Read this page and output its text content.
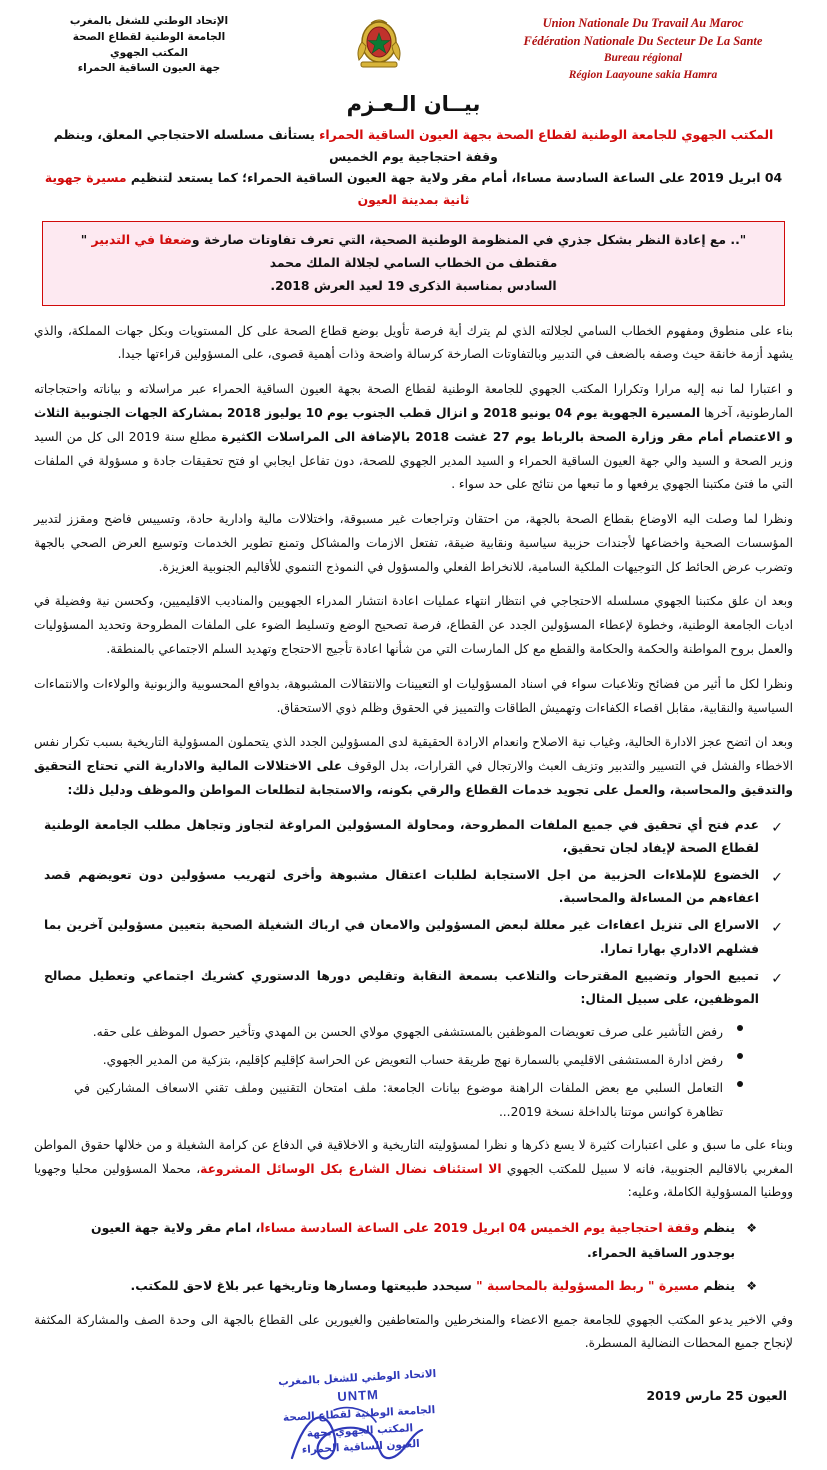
الإتحاد الوطني للشغل بالمغرب
الجامعة الوطنية لقطاع الصحة
المكتب الجهوي
جهة العيون الساقية الحمراء
Union Nationale Du Travail Au Maroc
Fédération Nationale Du Secteur De La Sante
Bureau régional
Région Laayoune sakia Hamra
بيــان الـعـزم
المكتب الجهوي للجامعة الوطنية لقطاع الصحة بجهة العيون الساقية الحمراء يستأنف مسلسله الاحتجاجي المعلق، وينظم وقفة احتجاجية يوم الخميس
04 ابريل 2019 على الساعة السادسة مساءا، أمام مقر ولاية جهة العيون الساقية الحمراء؛ كما يستعد لتنظيم مسيرة جهوية ثانية بمدينة العيون
".. مع إعادة النظر بشكل جذري في المنظومة الوطنية الصحية، التي تعرف تفاوتات صارخة وضعفا في التدبير " مقتطف من الخطاب السامي لجلالة الملك محمد
السادس بمناسبة الذكرى 19 لعيد العرش 2018.

بناء على منطوق ومفهوم الخطاب السامي لجلالته الذي لم يترك أية فرصة تأويل بوضع قطاع الصحة على كل المستويات وبكل جهات المملكة، والذي يشهد أزمة خانقة حيث وصفه بالضعف في التدبير وبالتفاوتات الصارخة كرسالة واضحة وذات أهمية قصوى، على المسؤولين قراءتها جيدا.

و اعتبارا لما نبه إليه مرارا وتكرارا المكتب الجهوي للجامعة الوطنية لقطاع الصحة بجهة العيون الساقية الحمراء عبر مراسلاته و بياناته واحتجاجاته المارطونية، آخرها المسيرة الجهوية يوم 04 يونيو 2018 و انزال قطب الجنوب يوم 10 يوليوز 2018 بمشاركة الجهات الجنوبية الثلاث و الاعتصام أمام مقر وزارة الصحة بالرباط يوم 27 غشت 2018 بالإضافة الى المراسلات الكثيرة مطلع سنة 2019 الى كل من السيد وزير الصحة و السيد والي جهة العيون الساقية الحمراء و السيد المدير الجهوي للصحة، دون تفاعل ايجابي او فتح تحقيقات جادة و مسؤولة في الملفات التي ما فتئ مكتبنا الجهوي يرفعها و ما تبعها من نتائج على حد سواء .

ونظرا لما وصلت اليه الاوضاع بقطاع الصحة بالجهة، من احتقان وتراجعات غير مسبوقة، واختلالات مالية وادارية حادة، وتسييس فاضح ومقزز لتدبير المؤسسات الصحية واخضاعها لأجندات حزبية سياسية ونقابية ضيقة، تفتعل الازمات والمشاكل وتمنع تطوير الخدمات وتوسيع العرض الصحي بالجهة وتضرب عرض الحائط كل التوجيهات الملكية السامية، للانخراط الفعلي والمسؤول في النموذج التنموي للأقاليم الجنوبية العزيزة.

وبعد ان علق مكتبنا الجهوي مسلسله الاحتجاجي في انتظار انتهاء عمليات اعادة انتشار المدراء الجهويين والمناديب الاقليميين، وكحسن نية وفضيلة في اديات الجامعة الوطنية، وخطوة لإعطاء المسؤولين الجدد عن القطاع، فرصة تصحيح الوضع وتسليط الضوء على الملفات المطروحة وتحديد المسؤوليات والعمل بروح المواطنة والحكمة والحكامة والقطع مع كل المارسات التي من شأنها اعادة تأجيج الاحتجاج وتهديد السلم الاجتماعي بالمنطقة.

ونظرا لكل ما أثير من فضائح وتلاعبات سواء في اسناد المسؤوليات او التعيينات والانتقالات المشبوهة، بدوافع المحسوبية والزبونية والولاءات والانتماءات السياسية والنقابية، مقابل اقصاء الكفاءات وتهميش الطاقات والتمييز في الحقوق وظلم ذوي الاستحقاق.

وبعد ان اتضح عجز الادارة الحالية، وغياب نية الاصلاح وانعدام الارادة الحقيقية لدى المسؤولين الجدد الذي يتحملون المسؤولية التاريخية بسبب تكرار نفس الاخطاء والفشل في التسيير والتدبير وتزيف العبث والارتجال في القرارات، بدل الوقوف على الاختلالات المالية والادارية التي تحتاج التحقيق والتدقيق والمحاسبة، والعمل على تجويد خدمات القطاع والرقي بكونه، والاستجابة لتطلعات المواطن والموظف ودليل ذلك:

✓
عدم فتح أي تحقيق في جميع الملفات المطروحة، ومحاولة المسؤولين المراوغة لتجاوز وتجاهل مطلب الجامعة الوطنية لقطاع الصحة لإيفاد لجان تحقيق،
✓
الخضوع للإملاءات الحزبية من اجل الاستجابة لطلبات اعتقال مشبوهة وأخرى لتهريب مسؤولين دون تعويضهم قصد اعفاءهم من المساءلة والمحاسبة.
✓
الاسراع الى تنزيل اعفاءات غير معللة لبعض المسؤولين والامعان في ارباك الشغيلة الصحية بتعيين مسؤولين آخرين بما فشلهم الاداري بهارا تمارا.
✓
تمييع الحوار وتضييع المقترحات والتلاعب بسمعة النقابة وتقليص دورها الدستوري كشريك اجتماعي وتعطيل مصالح الموظفين، على سبيل المثال:
رفض التأشير على صرف تعويضات الموظفين بالمستشفى الجهوي مولاي الحسن بن المهدي وتأخير حصول الموظف على حقه.
رفض ادارة المستشفى الاقليمي بالسمارة نهج طريقة حساب التعويض عن الحراسة كإقليم كإقليم، بتزكية من المدير الجهوي.
التعامل السلبي مع بعض الملفات الراهنة موضوع بيانات الجامعة: ملف امتحان التقنيين وملف تقني الاسعاف المشاركين في تظاهرة كوانس موتنا بالداخلة نسخة 2019...

وبناء على ما سبق و على اعتبارات كثيرة لا يسع ذكرها و نظرا لمسؤوليته التاريخية و الاخلاقية في الدفاع عن كرامة الشغيلة و من خلالها حقوق المواطن المغربي بالاقاليم الجنوبية، فانه لا سبيل للمكتب الجهوي الا استئناف نضال الشارع بكل الوسائل المشروعة، محملا المسؤولين محليا وجهويا ووطنيا المسؤولية الكاملة، وعليه:

❖
ينظم وقفة احتجاجية يوم الخميس 04 ابريل 2019 على الساعة السادسة مساءا، امام مقر ولاية جهة العيون بوجدور الساقية الحمراء.
❖
ينظم مسيرة " ربط المسؤولية بالمحاسبة " سيحدد طبيعتها ومسارها وتاريخها عبر بلاغ لاحق للمكتب.

وفي الاخير يدعو المكتب الجهوي للجامعة جميع الاعضاء والمنخرطين والمتعاطفين والغيورين على القطاع بالجهة الى وحدة الصف والمشاركة المكثفة لإنجاح جميع المحطات النضالية المسطرة.

العيون 25 مارس 2019
الاتحاد الوطني للشغل بالمغرب
UNTM
الجامعة الوطنية لقطاع الصحة
المكتب الجهوي بجهة
العيون الساقية الحمراء
